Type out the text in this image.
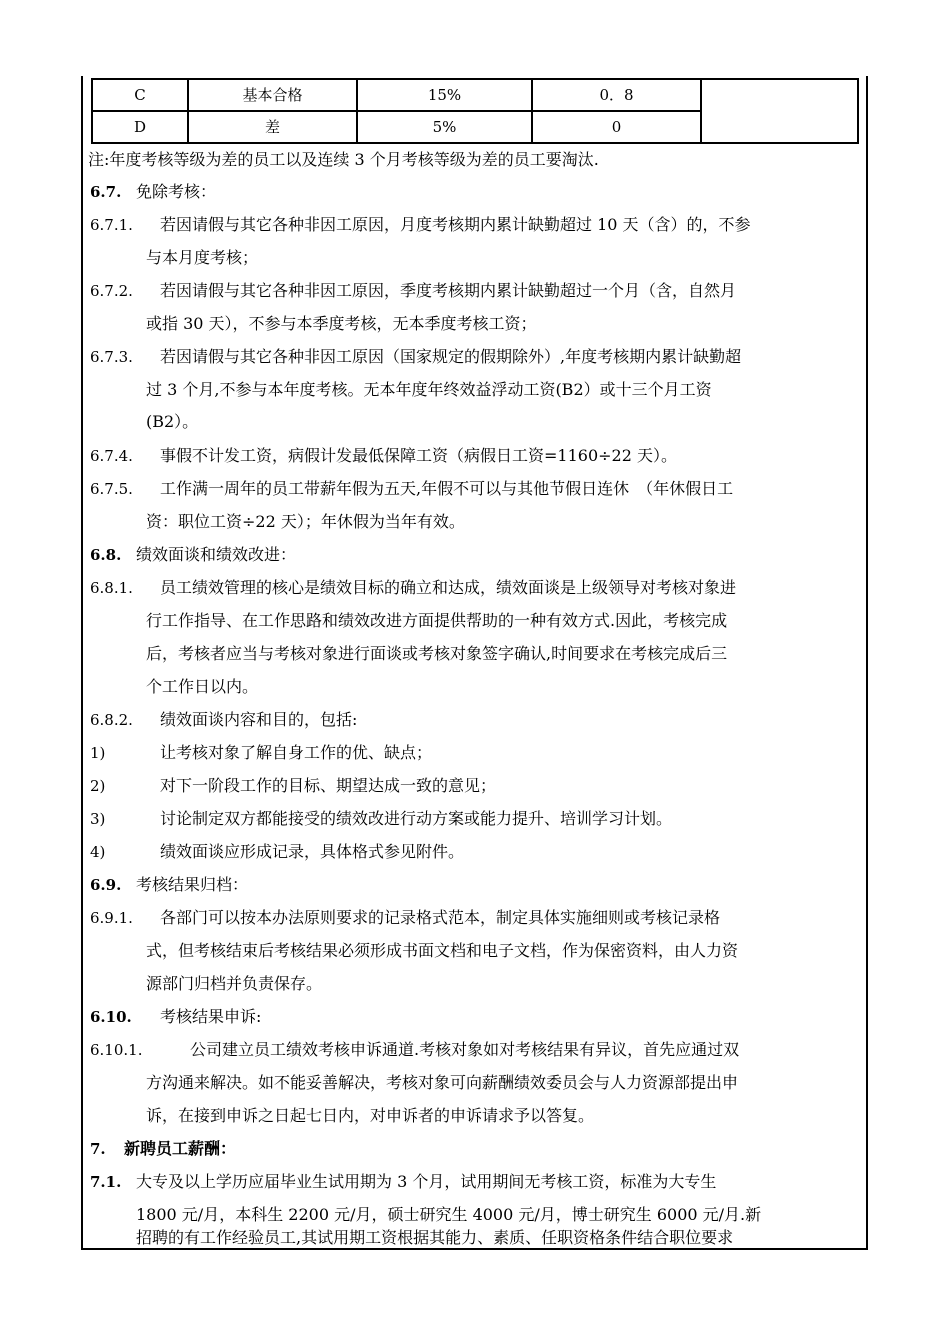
C	基本合格	15%	0．8	
D	差	5%	0	
注:年度考核等级为差的员工以及连续 3 个月考核等级为差的员工要淘汰.
6.7. 免除考核：
6.7.1. 若因请假与其它各种非因工原因，月度考核期内累计缺勤超过 10 天（含）的，不参
与本月度考核；
6.7.2. 若因请假与其它各种非因工原因，季度考核期内累计缺勤超过一个月（含，自然月
或指 30 天），不参与本季度考核，无本季度考核工资；
6.7.3. 若因请假与其它各种非因工原因（国家规定的假期除外）,年度考核期内累计缺勤超
过 3 个月,不参与本年度考核。无本年度年终效益浮动工资(B2）或十三个月工资
(B2）。
6.7.4. 事假不计发工资，病假计发最低保障工资（病假日工资=1160÷22 天）。
6.7.5. 工作满一周年的员工带薪年假为五天,年假不可以与其他节假日连休　（年休假日工
资：职位工资÷22 天）；年休假为当年有效。
6.8. 绩效面谈和绩效改进：
6.8.1. 员工绩效管理的核心是绩效目标的确立和达成，绩效面谈是上级领导对考核对象进
行工作指导、在工作思路和绩效改进方面提供帮助的一种有效方式.因此，考核完成
后，考核者应当与考核对象进行面谈或考核对象签字确认,时间要求在考核完成后三
个工作日以内。
6.8.2. 绩效面谈内容和目的，包括:
1)	让考核对象了解自身工作的优、缺点；
2)	对下一阶段工作的目标、期望达成一致的意见；
3)	讨论制定双方都能接受的绩效改进行动方案或能力提升、培训学习计划。
4)	绩效面谈应形成记录，具体格式参见附件。
6.9. 考核结果归档：
6.9.1. 各部门可以按本办法原则要求的记录格式范本，制定具体实施细则或考核记录格
式，但考核结束后考核结果必须形成书面文档和电子文档，作为保密资料，由人力资
源部门归档并负责保存。
6.10. 考核结果申诉:
6.10.1.	公司建立员工绩效考核申诉通道.考核对象如对考核结果有异议，首先应通过双
方沟通来解决。如不能妥善解决，考核对象可向薪酬绩效委员会与人力资源部提出申
诉，在接到申诉之日起七日内，对申诉者的申诉请求予以答复。
7. 新聘员工薪酬：
7.1. 大专及以上学历应届毕业生试用期为 3 个月，试用期间无考核工资，标准为大专生
1800 元/月，本科生 2200 元/月，硕士研究生 4000 元/月，博士研究生 6000 元/月.新
招聘的有工作经验员工,其试用期工资根据其能力、素质、任职资格条件结合职位要求
